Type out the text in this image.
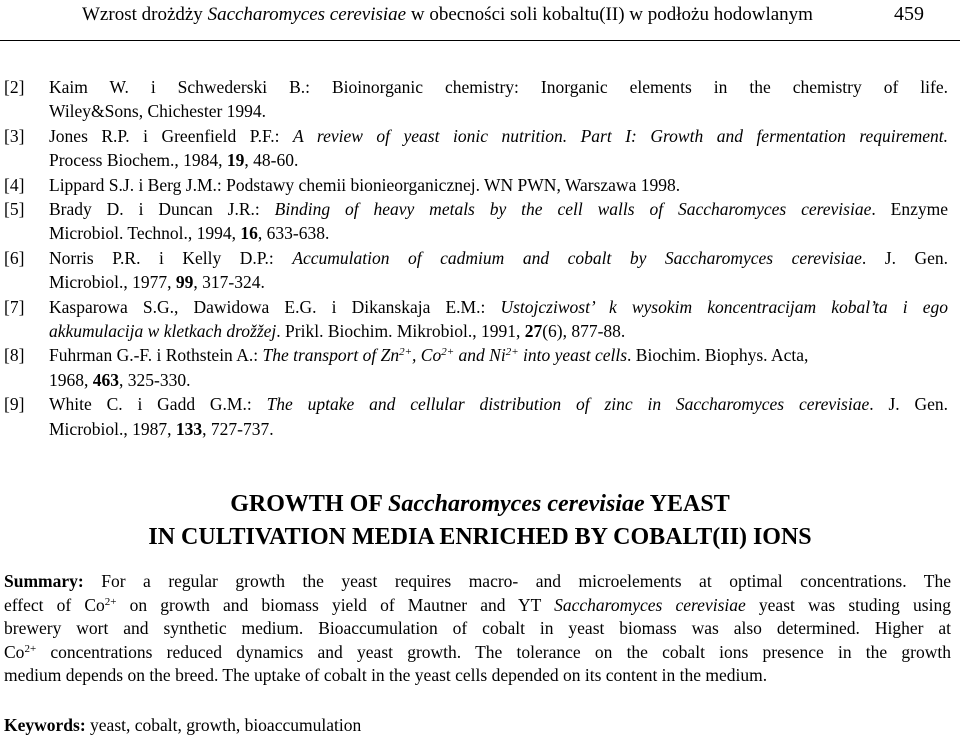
Wzrost drożdży Saccharomyces cerevisiae w obecności soli kobaltu(II) w podłożu hodowlanym	459
[2]	Kaim W. i Schwederski B.: Bioinorganic chemistry: Inorganic elements in the chemistry of life.
Wiley&Sons, Chichester 1994.
[3]	Jones R.P. i Greenfield P.F.: A review of yeast ionic nutrition. Part I: Growth and fermentation requirement.
Process Biochem., 1984, 19, 48-60.
[4]	Lippard S.J. i Berg J.M.: Podstawy chemii bionieorganicznej. WN PWN, Warszawa 1998.
[5]	Brady D. i Duncan J.R.: Binding of heavy metals by the cell walls of Saccharomyces cerevisiae. Enzyme
Microbiol. Technol., 1994, 16, 633-638.
[6]	Norris P.R. i Kelly D.P.: Accumulation of cadmium and cobalt by Saccharomyces cerevisiae. J. Gen.
Microbiol., 1977, 99, 317-324.
[7]	Kasparowa S.G., Dawidowa E.G. i Dikanskaja E.M.: Ustojcziwost’ k wysokim koncentracijam kobal’ta i ego
akkumulacija w kletkach drožžej. Prikl. Biochim. Mikrobiol., 1991, 27(6), 877-88.
[8]	Fuhrman G.-F. i Rothstein A.: The transport of $Zn^{2+}$, $Co^{2+}$ and $Ni^{2+}$ into yeast cells. Biochim. Biophys. Acta,
1968, 463, 325-330.
[9]	White C. i Gadd G.M.: The uptake and cellular distribution of zinc in Saccharomyces cerevisiae. J. Gen.
Microbiol., 1987, 133, 727-737.
GROWTH OF Saccharomyces cerevisiae YEAST
IN CULTIVATION MEDIA ENRICHED BY COBALT(II) IONS
Summary: For a regular growth the yeast requires macro- and microelements at optimal concentrations. The
effect of $Co^{2+}$ on growth and biomass yield of Mautner and YT Saccharomyces cerevisiae yeast was studing using
brewery wort and synthetic medium. Bioaccumulation of cobalt in yeast biomass was also determined. Higher at
$Co^{2+}$ concentrations reduced dynamics and yeast growth. The tolerance on the cobalt ions presence in the growth
medium depends on the breed. The uptake of cobalt in the yeast cells depended on its content in the medium.
Keywords: yeast, cobalt, growth, bioaccumulation
